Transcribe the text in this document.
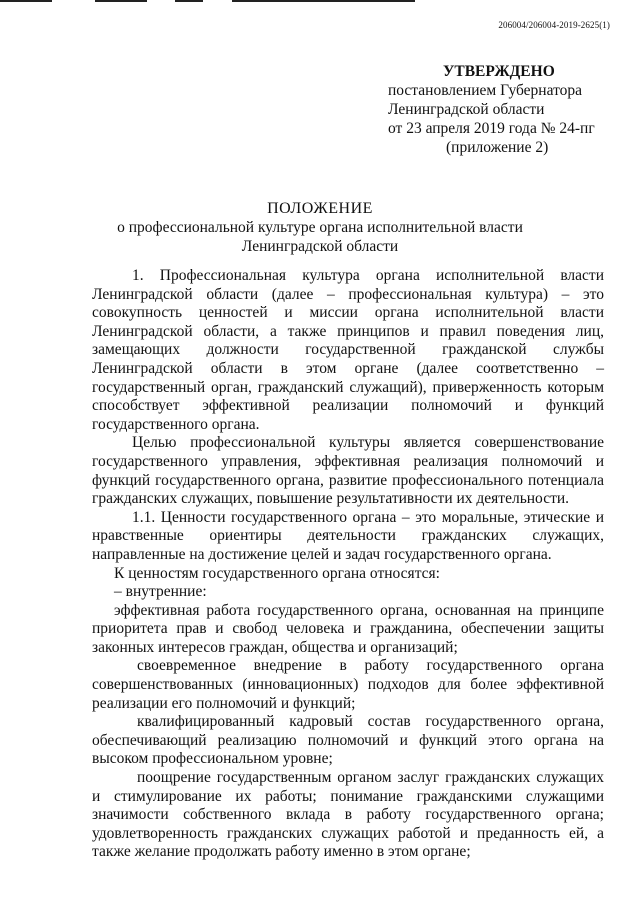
206004/206004-2019-2625(1)
УТВЕРЖДЕНО
постановлением Губернатора
Ленинградской области
от 23 апреля 2019 года № 24-пг
(приложение 2)
ПОЛОЖЕНИЕ
о профессиональной культуре органа исполнительной власти
Ленинградской области

1. Профессиональная культура органа исполнительной власти Ленинградской области (далее – профессиональная культура) – это совокупность ценностей и миссии органа исполнительной власти Ленинградской области, а также принципов и правил поведения лиц, замещающих должности государственной гражданской службы Ленинградской области в этом органе (далее соответственно – государственный орган, гражданский служащий), приверженность которым способствует эффективной реализации полномочий и функций государственного органа.

Целью профессиональной культуры является совершенствование государственного управления, эффективная реализация полномочий и функций государственного органа, развитие профессионального потенциала гражданских служащих, повышение результативности их деятельности.

1.1. Ценности государственного органа – это моральные, этические и нравственные ориентиры деятельности гражданских служащих, направленные на достижение целей и задач государственного органа.

К ценностям государственного органа относятся:

– внутренние:

эффективная работа государственного органа, основанная на принципе приоритета прав и свобод человека и гражданина, обеспечении защиты законных интересов граждан, общества и организаций;

своевременное внедрение в работу государственного органа совершенствованных (инновационных) подходов для более эффективной реализации его полномочий и функций;

квалифицированный кадровый состав государственного органа, обеспечивающий реализацию полномочий и функций этого органа на высоком профессиональном уровне;

поощрение государственным органом заслуг гражданских служащих и стимулирование их работы; понимание гражданскими служащими значимости собственного вклада в работу государственного органа; удовлетворенность гражданских служащих работой и преданность ей, а также желание продолжать работу именно в этом органе;
